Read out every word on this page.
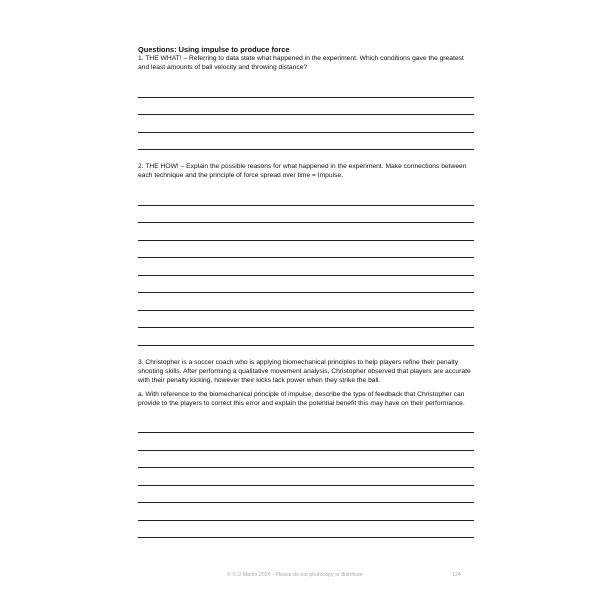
Questions: Using impulse to produce force

1. THE WHAT! – Referring to data state what happened in the experiment. Which conditions gave the greatest and least amounts of ball velocity and throwing distance?

2. THE HOW! – Explain the possible reasons for what happened in the experiment. Make connections between each technique and the principle of force spread over time = Impulse.

3. Christopher is a soccer coach who is applying biomechanical principles to help players refine their penalty shooting skills. After performing a qualitative movement analysis, Christopher observed that players are accurate with their penalty kicking, however their kicks lack power when they strike the ball.

a. With reference to the biomechanical principle of impulse, describe the type of feedback that Christopher can provide to the players to correct this error and explain the potential benefit this may have on their performance.

© S D Martin 2026 - Please do not photocopy or distribute	124
